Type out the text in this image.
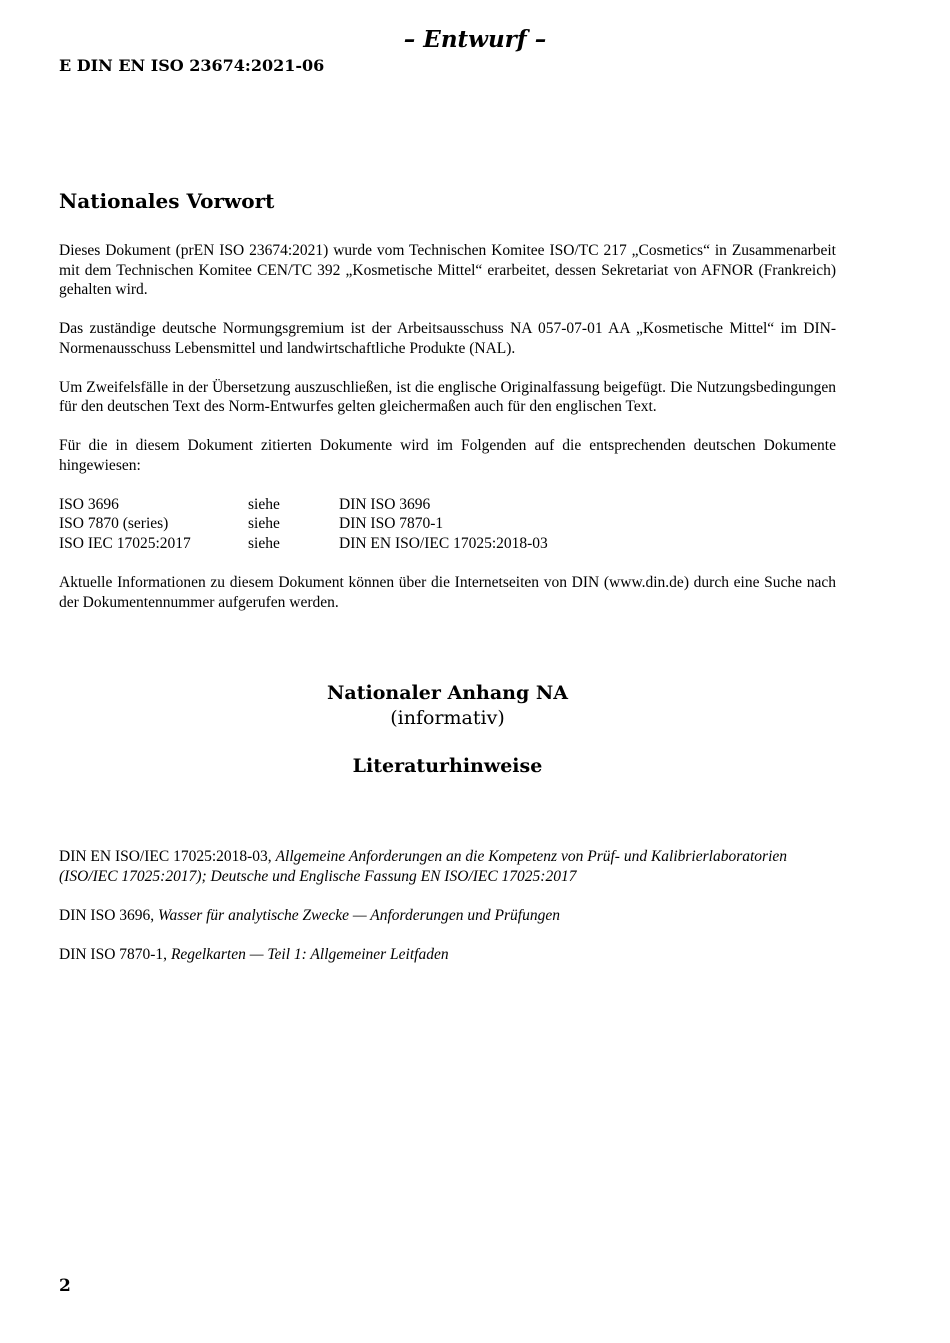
– Entwurf –
E DIN EN ISO 23674:2021-06
Nationales Vorwort

Dieses Dokument (prEN ISO 23674:2021) wurde vom Technischen Komitee ISO/TC 217 „Cosmetics“ in Zusammenarbeit mit dem Technischen Komitee CEN/TC 392 „Kosmetische Mittel“ erarbeitet, dessen Sekretariat von AFNOR (Frankreich) gehalten wird.

Das zuständige deutsche Normungsgremium ist der Arbeitsausschuss NA 057-07-01 AA „Kosmetische Mittel“ im DIN-Normenausschuss Lebensmittel und landwirtschaftliche Produkte (NAL).

Um Zweifelsfälle in der Übersetzung auszuschließen, ist die englische Originalfassung beigefügt. Die Nutzungsbedingungen für den deutschen Text des Norm-Entwurfes gelten gleichermaßen auch für den englischen Text.

Für die in diesem Dokument zitierten Dokumente wird im Folgenden auf die entsprechenden deutschen Dokumente hingewiesen:

ISO 3696	siehe	DIN ISO 3696
ISO 7870 (series)	siehe	DIN ISO 7870-1
ISO IEC 17025:2017	siehe	DIN EN ISO/IEC 17025:2018-03

Aktuelle Informationen zu diesem Dokument können über die Internetseiten von DIN (www.din.de) durch eine Suche nach der Dokumentennummer aufgerufen werden.

Nationaler Anhang NA
(informativ)
Literaturhinweise

DIN EN ISO/IEC 17025:2018-03, Allgemeine Anforderungen an die Kompetenz von Prüf- und Kalibrierlaboratorien (ISO/IEC 17025:2017); Deutsche und Englische Fassung EN ISO/IEC 17025:2017

DIN ISO 3696, Wasser für analytische Zwecke — Anforderungen und Prüfungen

DIN ISO 7870-1, Regelkarten — Teil 1: Allgemeiner Leitfaden

2
